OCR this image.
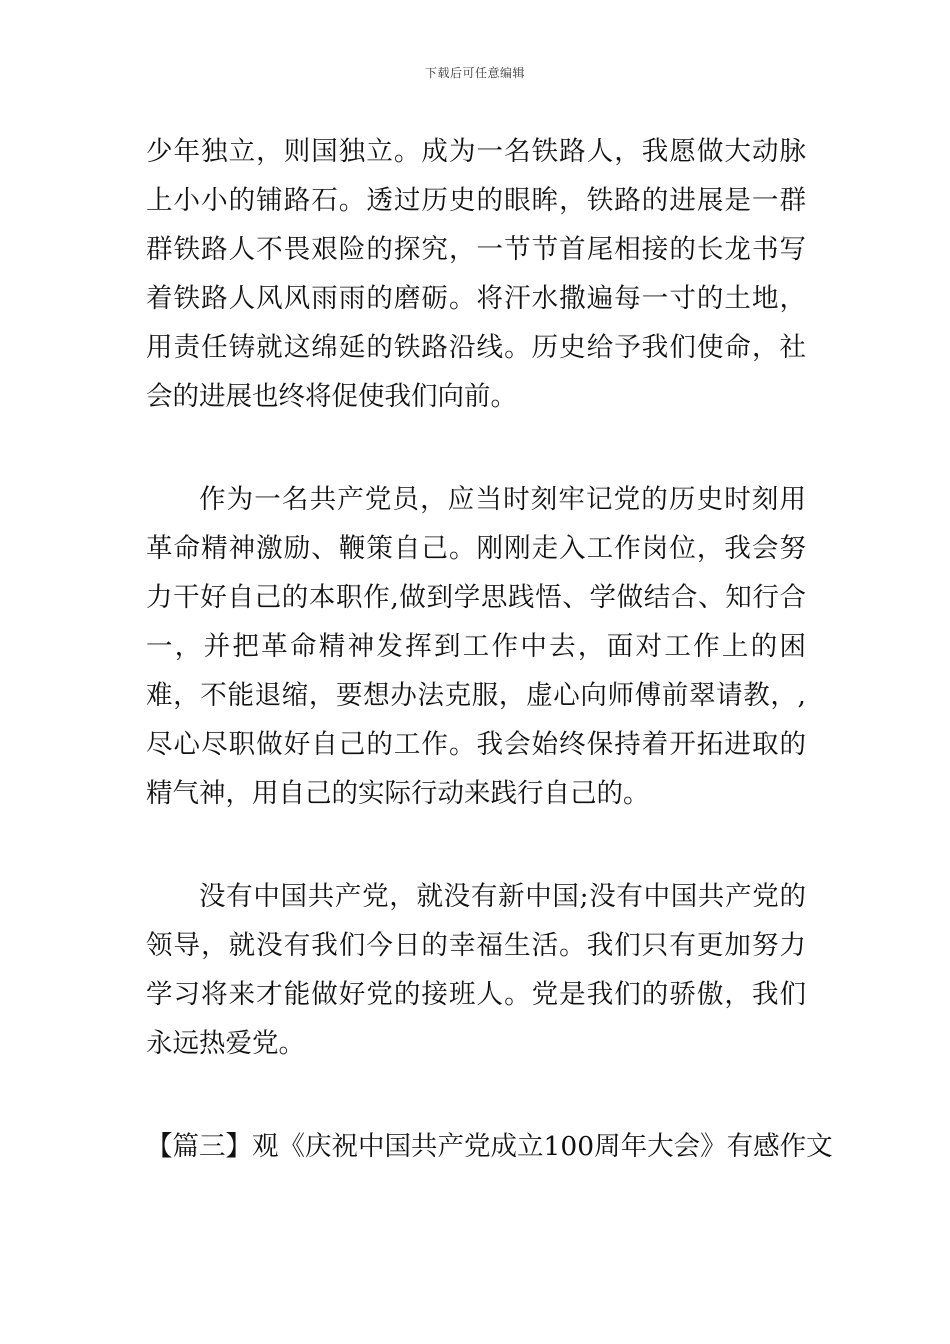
下载后可任意编辑

少年独立，则国独立。成为一名铁路人，我愿做大动脉上小小的铺路石。透过历史的眼眸，铁路的进展是一群群铁路人不畏艰险的探究，一节节首尾相接的长龙书写着铁路人风风雨雨的磨砺。将汗水撒遍每一寸的土地，用责任铸就这绵延的铁路沿线。历史给予我们使命，社会的进展也终将促使我们向前。

作为一名共产党员，应当时刻牢记党的历史时刻用革命精神激励、鞭策自己。刚刚走入工作岗位，我会努力干好自己的本职作,做到学思践悟、学做结合、知行合一，并把革命精神发挥到工作中去，面对工作上的困难，不能退缩，要想办法克服，虚心向师傅前翠请教，,尽心尽职做好自己的工作。我会始终保持着开拓进取的精气神，用自己的实际行动来践行自己的。

没有中国共产党，就没有新中国;没有中国共产党的领导，就没有我们今日的幸福生活。我们只有更加努力学习将来才能做好党的接班人。党是我们的骄傲，我们永远热爱党。

【篇三】观《庆祝中国共产党成立100周年大会》有感作文
